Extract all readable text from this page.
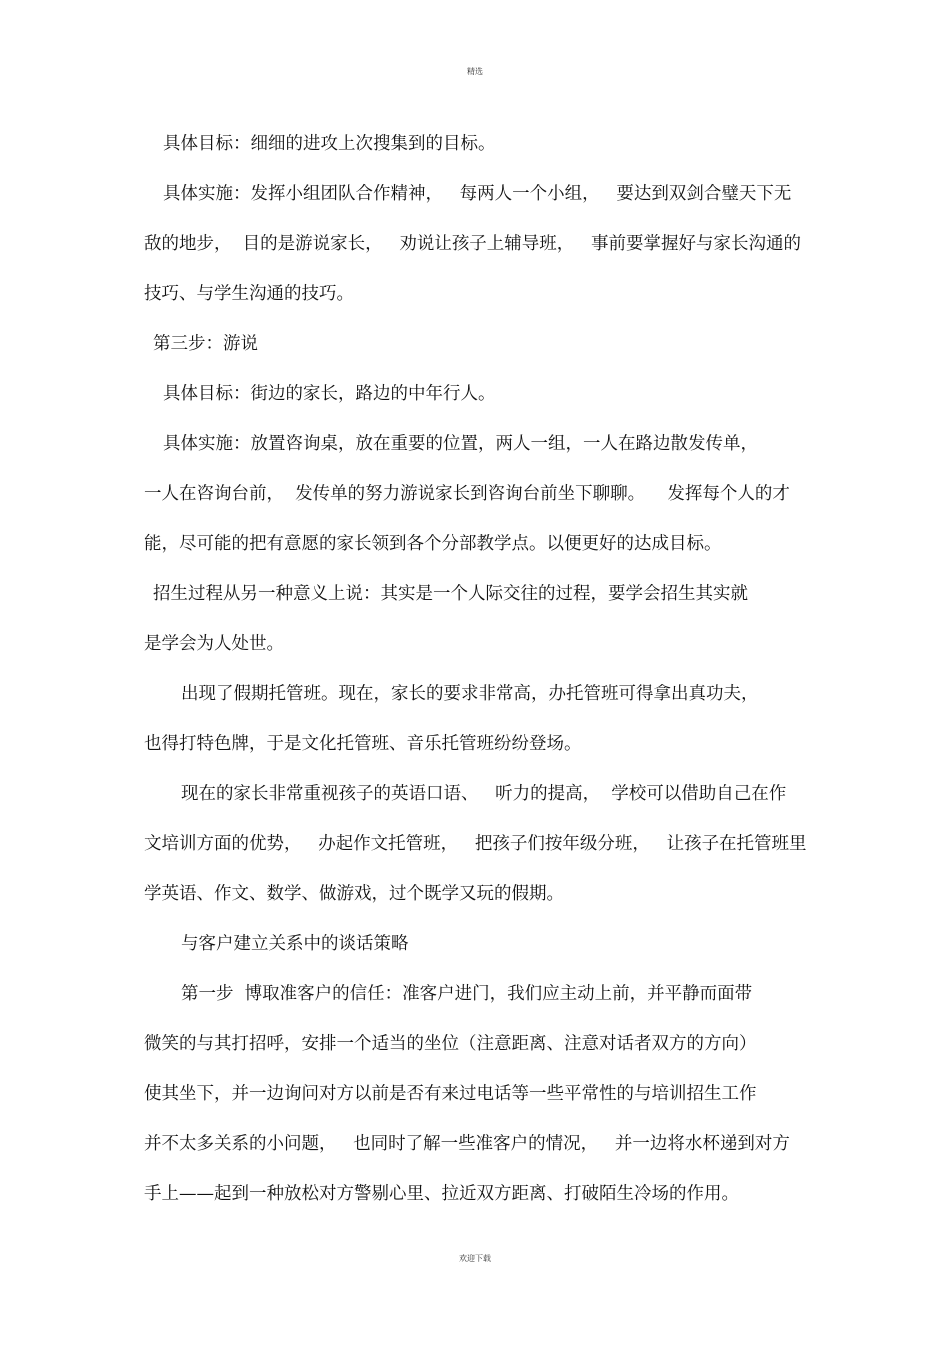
精选
具体目标：细细的进攻上次搜集到的目标。
具体实施：发挥小组团队合作精神，   每两人一个小组，   要达到双剑合璧天下无
敌的地步，  目的是游说家长，   劝说让孩子上辅导班，   事前要掌握好与家长沟通的
技巧、与学生沟通的技巧。
第三步：游说
具体目标：街边的家长，路边的中年行人。
具体实施：放置咨询桌，放在重要的位置，两人一组，一人在路边散发传单，
一人在咨询台前，  发传单的努力游说家长到咨询台前坐下聊聊。    发挥每个人的才
能，尽可能的把有意愿的家长领到各个分部教学点。以便更好的达成目标。
招生过程从另一种意义上说：其实是一个人际交往的过程，要学会招生其实就
是学会为人处世。
出现了假期托管班。现在，家长的要求非常高，办托管班可得拿出真功夫，
也得打特色牌，于是文化托管班、音乐托管班纷纷登场。
现在的家长非常重视孩子的英语口语、   听力的提高，  学校可以借助自己在作
文培训方面的优势，   办起作文托管班，   把孩子们按年级分班，   让孩子在托管班里
学英语、作文、数学、做游戏，过个既学又玩的假期。
与客户建立关系中的谈话策略
第一步  博取准客户的信任：准客户进门，我们应主动上前，并平静而面带
微笑的与其打招呼，安排一个适当的坐位（注意距离、注意对话者双方的方向）
使其坐下，并一边询问对方以前是否有来过电话等一些平常性的与培训招生工作
并不太多关系的小问题，   也同时了解一些准客户的情况，   并一边将水杯递到对方
手上——起到一种放松对方警剔心里、拉近双方距离、打破陌生冷场的作用。
欢迎下载
